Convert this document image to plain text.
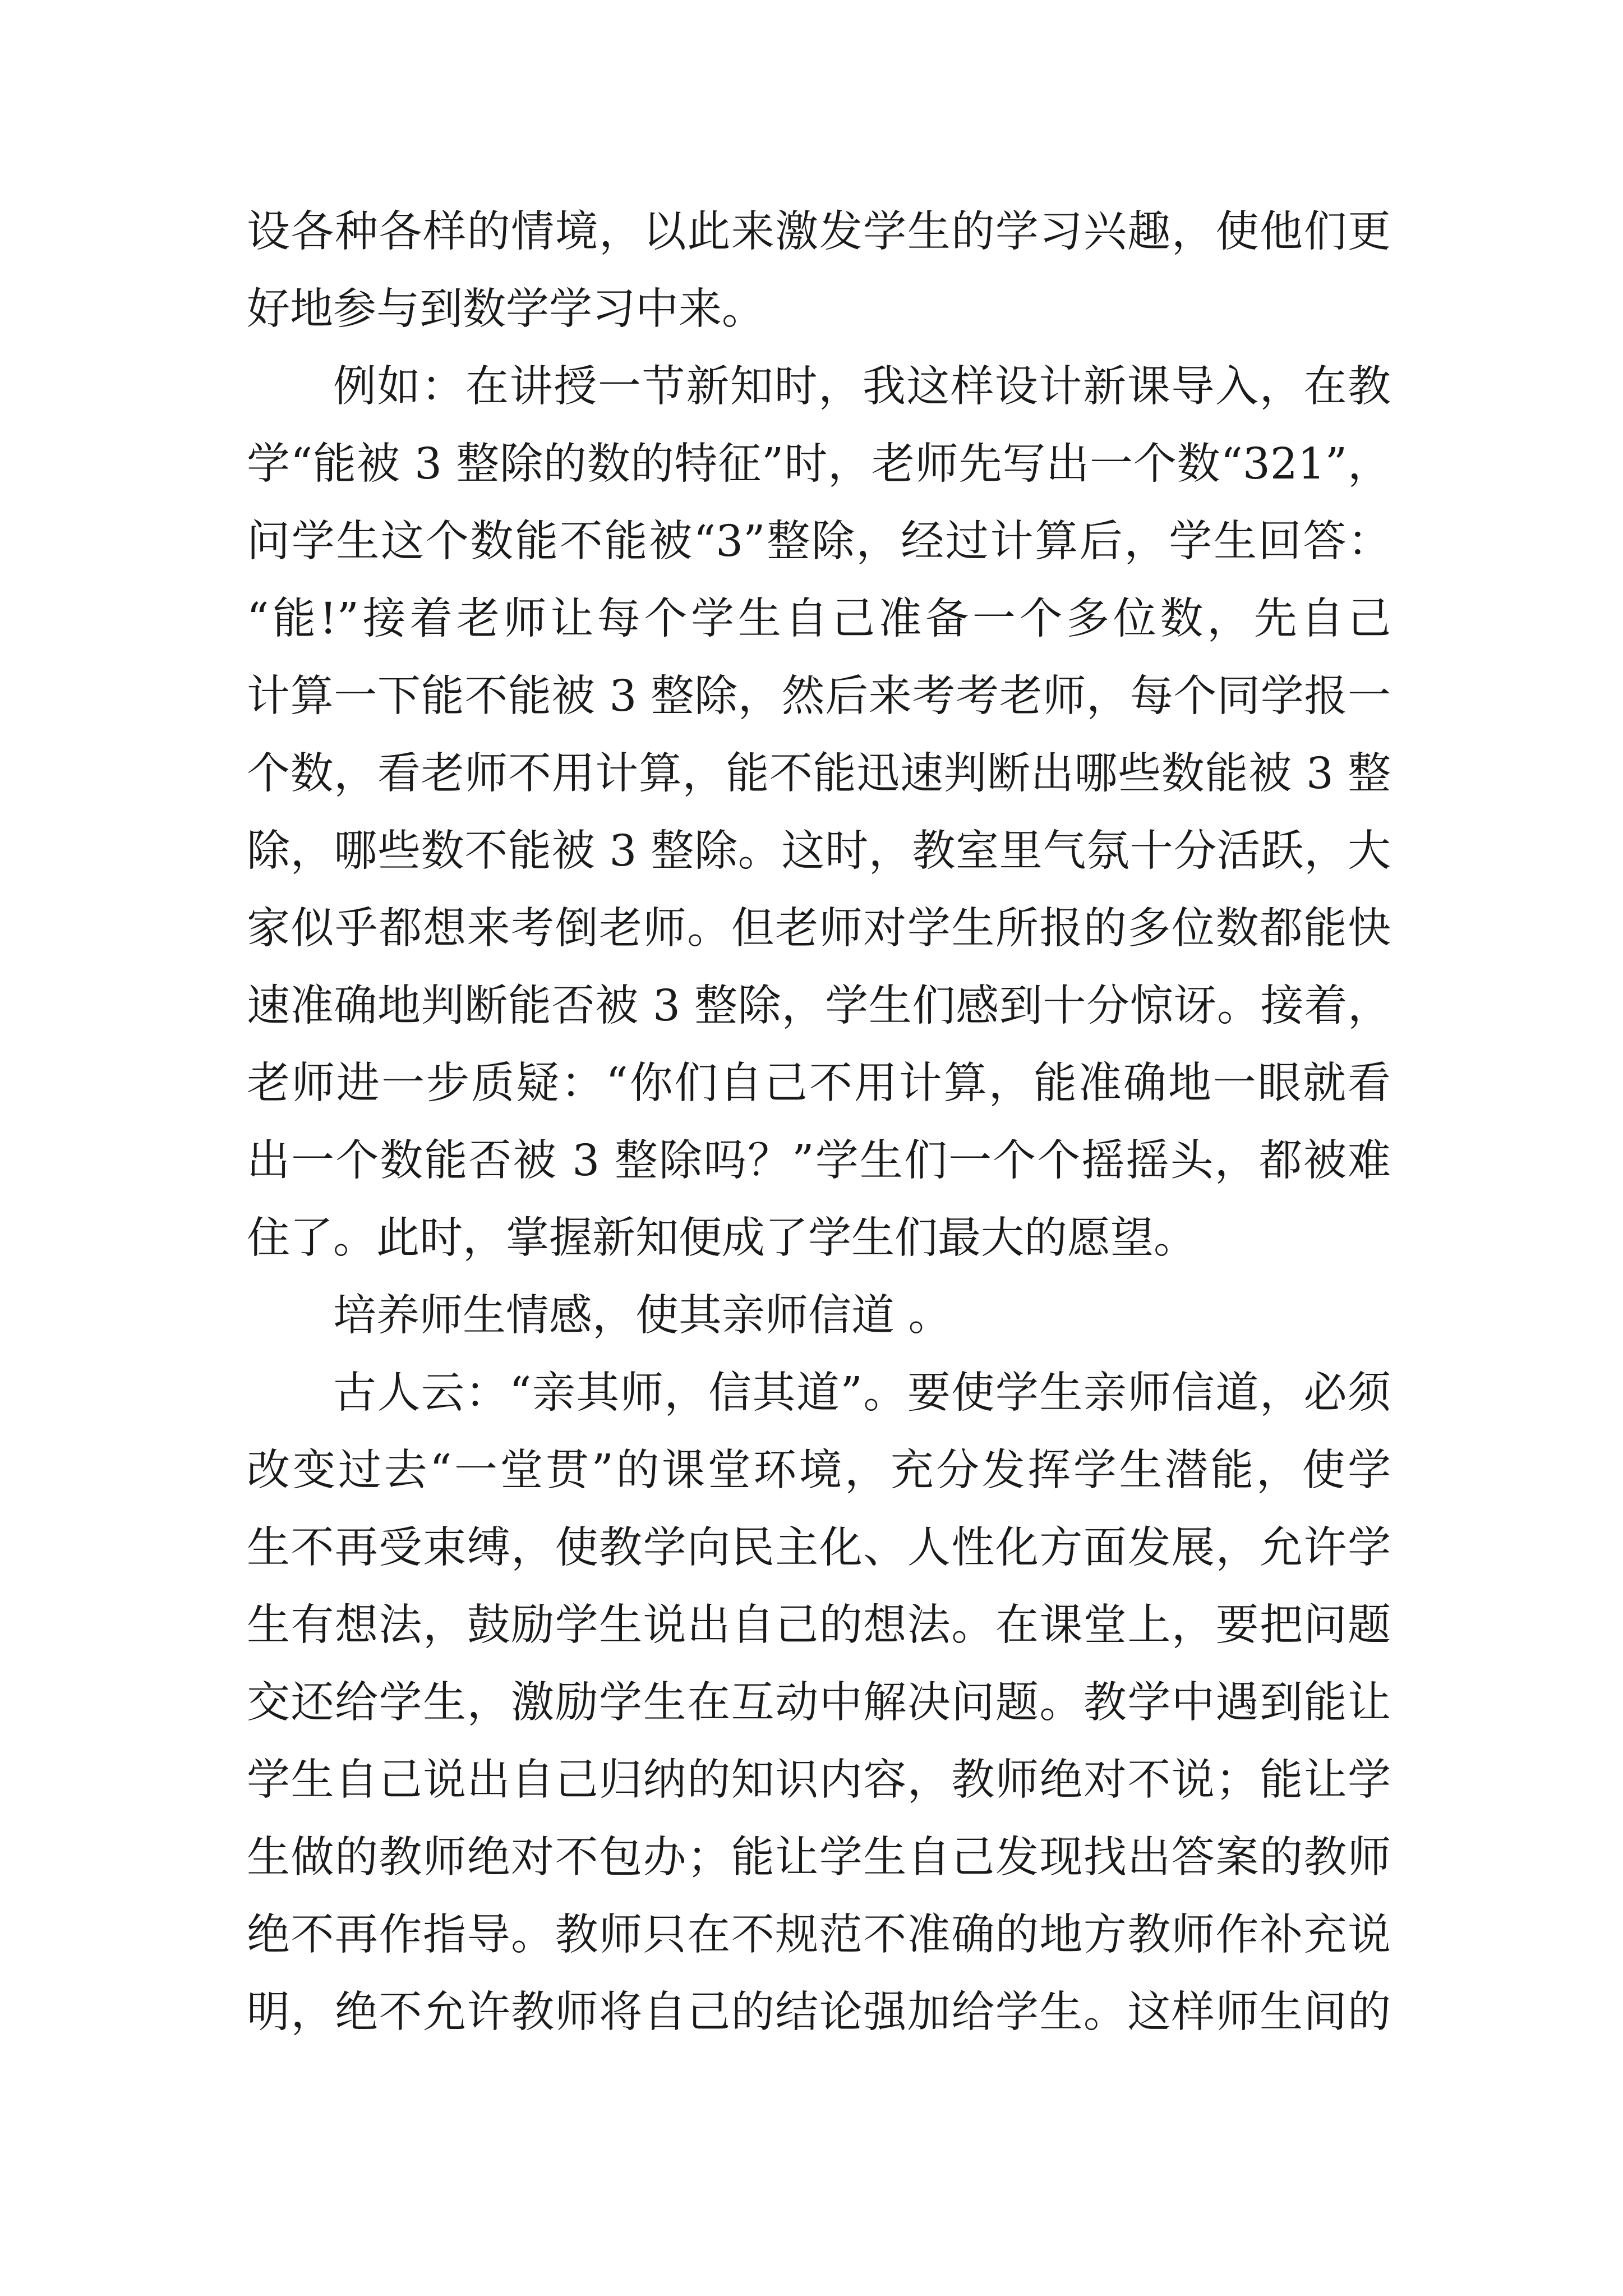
设各种各样的情境，以此来激发学生的学习兴趣，使他们更
好地参与到数学学习中来。
例如：在讲授一节新知时，我这样设计新课导入，在教
学“能被 3 整除的数的特征”时，老师先写出一个数“321”，
问学生这个数能不能被“3”整除，经过计算后，学生回答：
“能!”接着老师让每个学生自己准备一个多位数，先自己
计算一下能不能被 3 整除，然后来考考老师，每个同学报一
个数，看老师不用计算，能不能迅速判断出哪些数能被 3 整
除，哪些数不能被 3 整除。这时，教室里气氛十分活跃，大
家似乎都想来考倒老师。但老师对学生所报的多位数都能快
速准确地判断能否被 3 整除，学生们感到十分惊讶。接着，
老师进一步质疑：“你们自己不用计算，能准确地一眼就看
出一个数能否被 3 整除吗？”学生们一个个摇摇头，都被难
住了。此时，掌握新知便成了学生们最大的愿望。
培养师生情感，使其亲师信道 。
古人云：“亲其师，信其道”。要使学生亲师信道，必须
改变过去“一堂贯”的课堂环境，充分发挥学生潜能，使学
生不再受束缚，使教学向民主化、人性化方面发展，允许学
生有想法，鼓励学生说出自己的想法。在课堂上，要把问题
交还给学生，激励学生在互动中解决问题。教学中遇到能让
学生自己说出自己归纳的知识内容，教师绝对不说；能让学
生做的教师绝对不包办；能让学生自己发现找出答案的教师
绝不再作指导。教师只在不规范不准确的地方教师作补充说
明，绝不允许教师将自己的结论强加给学生。这样师生间的
